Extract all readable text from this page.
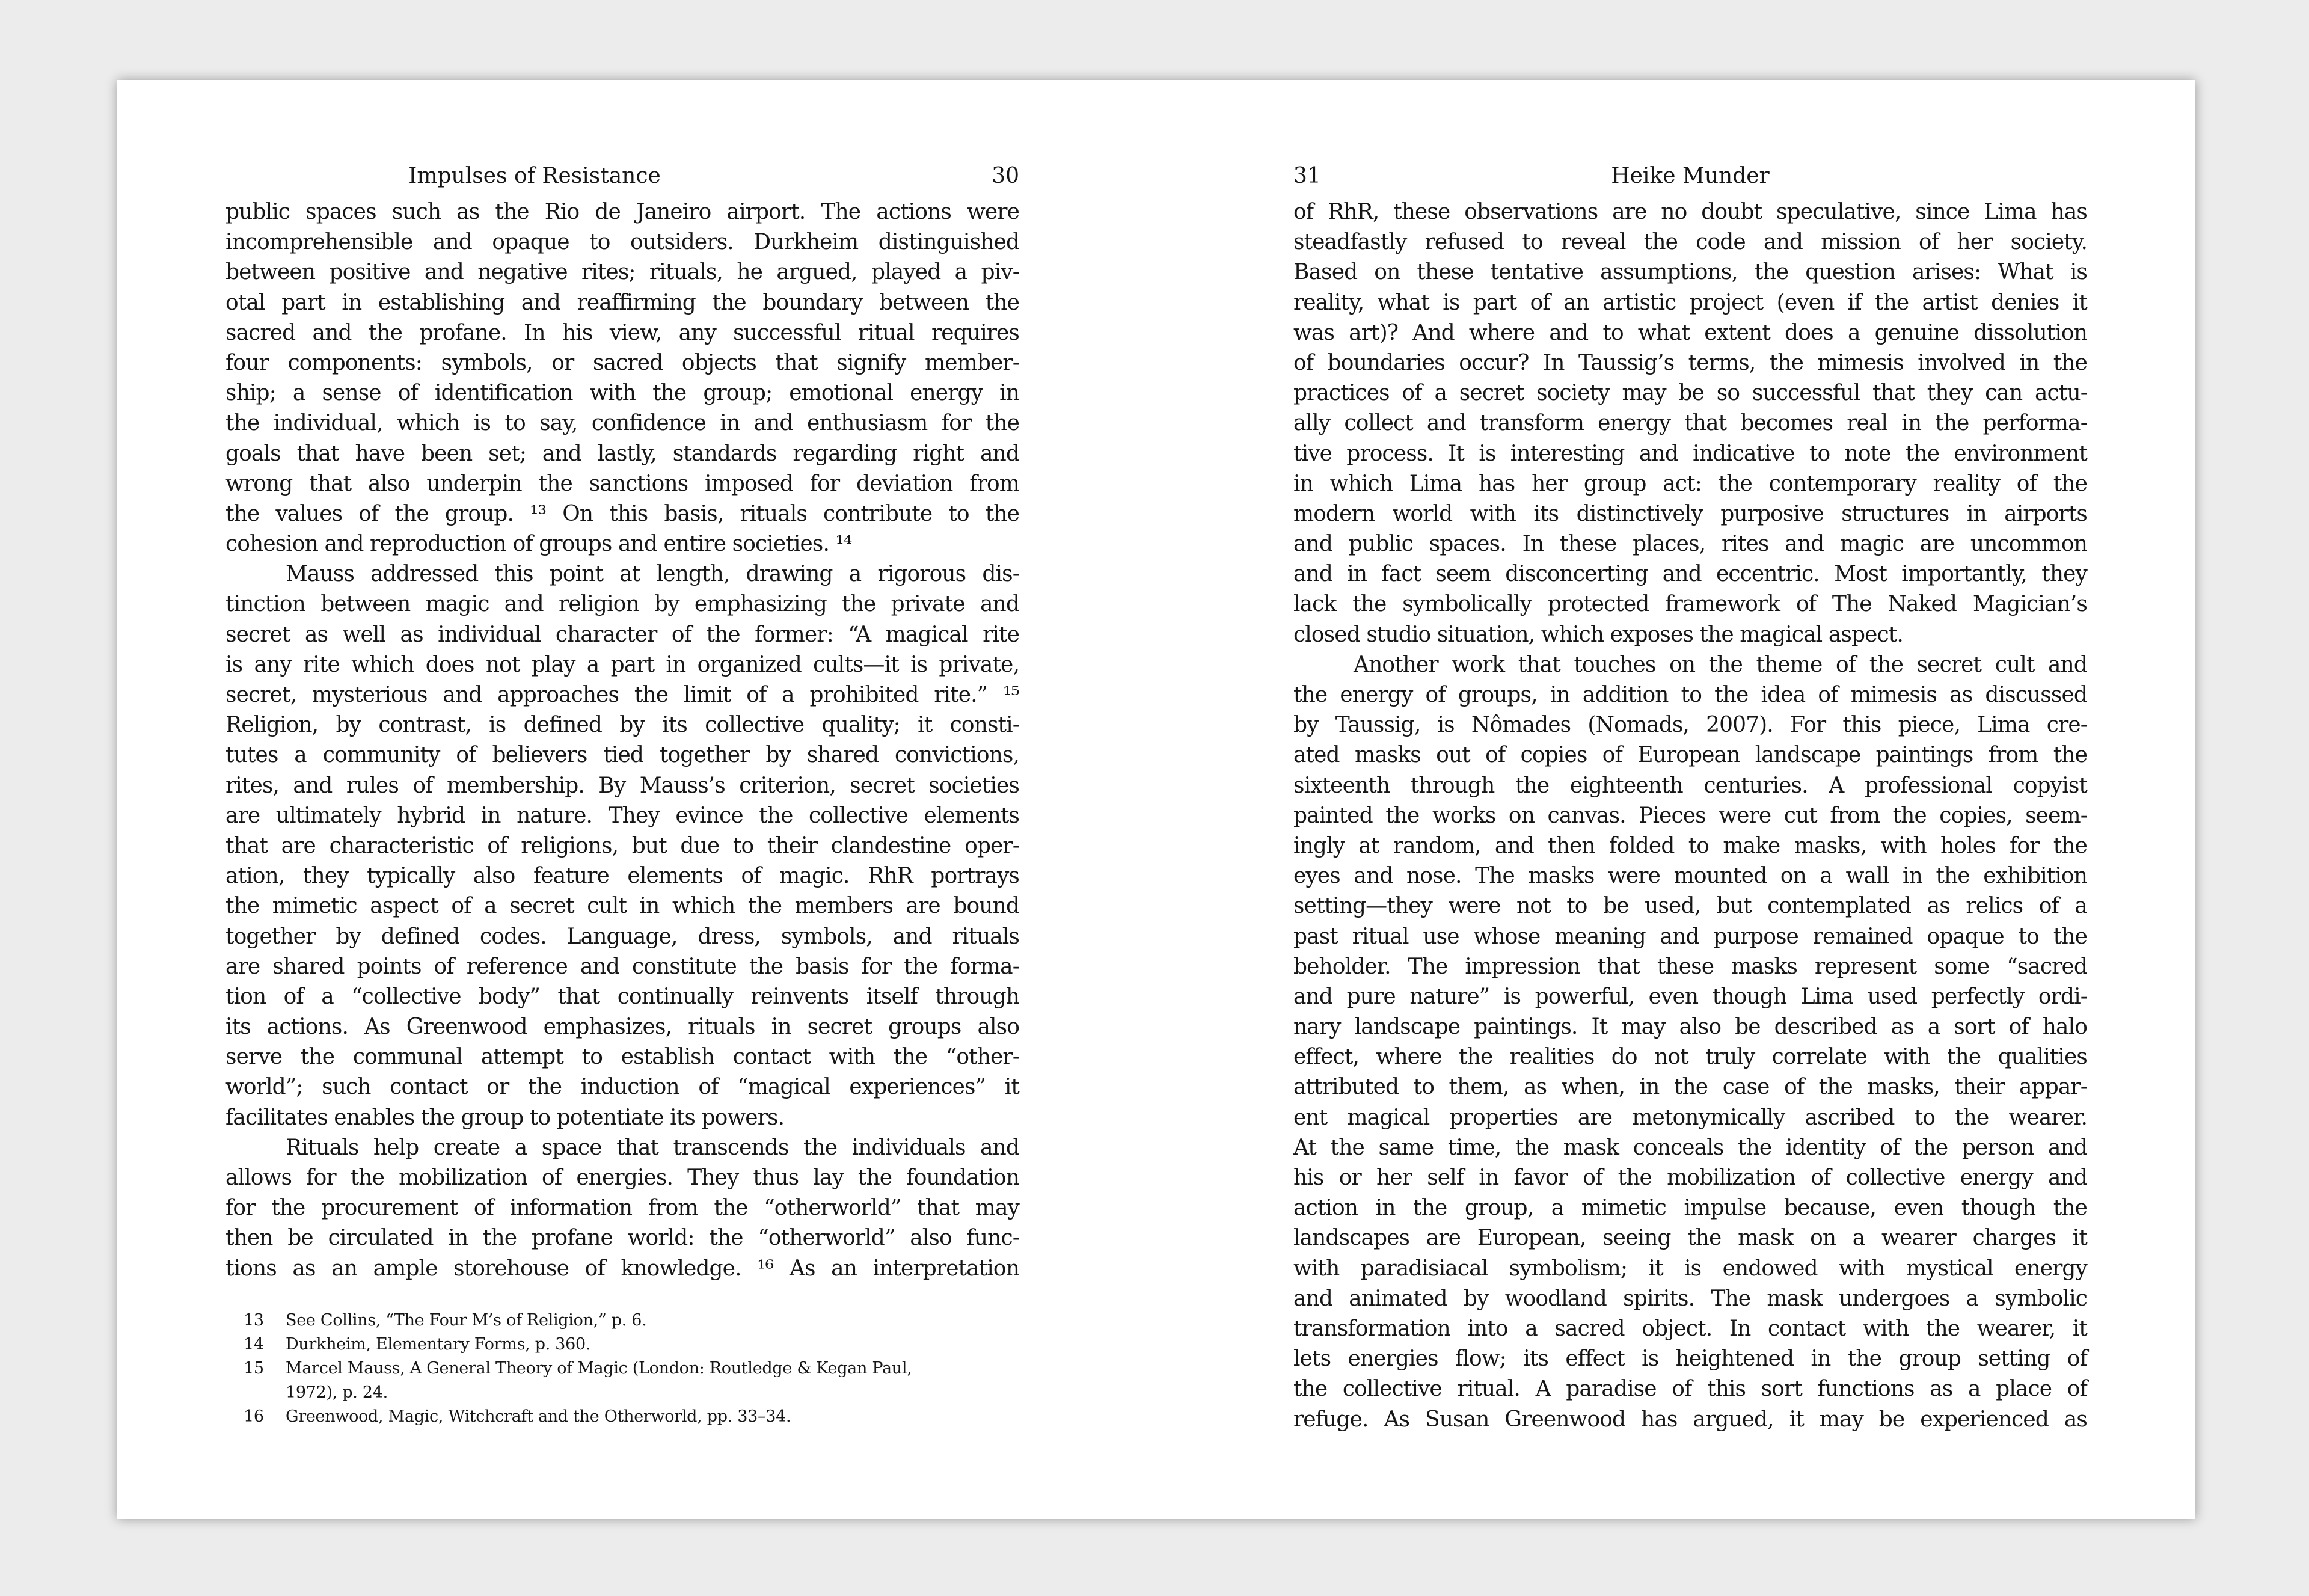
Impulses of Resistance	30
public spaces such as the Rio de Janeiro airport. The actions were
incomprehensible and opaque to outsiders. Durkheim distinguished
between positive and negative rites; rituals, he argued, played a piv-
otal part in establishing and reaffirming the boundary between the
sacred and the profane. In his view, any successful ritual requires
four components: symbols, or sacred objects that signify member-
ship; a sense of identification with the group; emotional energy in
the individual, which is to say, confidence in and enthusiasm for the
goals that have been set; and lastly, standards regarding right and
wrong that also underpin the sanctions imposed for deviation from
the values of the group. ¹³ On this basis, rituals contribute to the
cohesion and reproduction of groups and entire societies. ¹⁴
Mauss addressed this point at length, drawing a rigorous dis-
tinction between magic and religion by emphasizing the private and
secret as well as individual character of the former: “A magical rite
is any rite which does not play a part in organized cults—it is private,
secret, mysterious and approaches the limit of a prohibited rite.” ¹⁵
Religion, by contrast, is defined by its collective quality; it consti-
tutes a community of believers tied together by shared convictions,
rites, and rules of membership. By Mauss’s criterion, secret societies
are ultimately hybrid in nature. They evince the collective elements
that are characteristic of religions, but due to their clandestine oper-
ation, they typically also feature elements of magic. RhR portrays
the mimetic aspect of a secret cult in which the members are bound
together by defined codes. Language, dress, symbols, and rituals
are shared points of reference and constitute the basis for the forma-
tion of a “collective body” that continually reinvents itself through
its actions. As Greenwood emphasizes, rituals in secret groups also
serve the communal attempt to establish contact with the “other-
world”; such contact or the induction of “magical experiences” it
facilitates enables the group to potentiate its powers.
Rituals help create a space that transcends the individuals and
allows for the mobilization of energies. They thus lay the foundation
for the procurement of information from the “otherworld” that may
then be circulated in the profane world: the “otherworld” also func-
tions as an ample storehouse of knowledge. ¹⁶ As an interpretation
13 See Collins, “The Four M’s of Religion,” p. 6.
14 Durkheim, Elementary Forms, p. 360.
15 Marcel Mauss, A General Theory of Magic (London: Routledge & Kegan Paul,
1972), p. 24.
16 Greenwood, Magic, Witchcraft and the Otherworld, pp. 33–34.
31	Heike Munder
of RhR, these observations are no doubt speculative, since Lima has
steadfastly refused to reveal the code and mission of her society.
Based on these tentative assumptions, the question arises: What is
reality, what is part of an artistic project (even if the artist denies it
was art)? And where and to what extent does a genuine dissolution
of boundaries occur? In Taussig’s terms, the mimesis involved in the
practices of a secret society may be so successful that they can actu-
ally collect and transform energy that becomes real in the performa-
tive process. It is interesting and indicative to note the environment
in which Lima has her group act: the contemporary reality of the
modern world with its distinctively purposive structures in airports
and public spaces. In these places, rites and magic are uncommon
and in fact seem disconcerting and eccentric. Most importantly, they
lack the symbolically protected framework of The Naked Magician’s
closed studio situation, which exposes the magical aspect.
Another work that touches on the theme of the secret cult and
the energy of groups, in addition to the idea of mimesis as discussed
by Taussig, is Nômades (Nomads, 2007). For this piece, Lima cre-
ated masks out of copies of European landscape paintings from the
sixteenth through the eighteenth centuries. A professional copyist
painted the works on canvas. Pieces were cut from the copies, seem-
ingly at random, and then folded to make masks, with holes for the
eyes and nose. The masks were mounted on a wall in the exhibition
setting—they were not to be used, but contemplated as relics of a
past ritual use whose meaning and purpose remained opaque to the
beholder. The impression that these masks represent some “sacred
and pure nature” is powerful, even though Lima used perfectly ordi-
nary landscape paintings. It may also be described as a sort of halo
effect, where the realities do not truly correlate with the qualities
attributed to them, as when, in the case of the masks, their appar-
ent magical properties are metonymically ascribed to the wearer.
At the same time, the mask conceals the identity of the person and
his or her self in favor of the mobilization of collective energy and
action in the group, a mimetic impulse because, even though the
landscapes are European, seeing the mask on a wearer charges it
with paradisiacal symbolism; it is endowed with mystical energy
and animated by woodland spirits. The mask undergoes a symbolic
transformation into a sacred object. In contact with the wearer, it
lets energies flow; its effect is heightened in the group setting of
the collective ritual. A paradise of this sort functions as a place of
refuge. As Susan Greenwood has argued, it may be experienced as
